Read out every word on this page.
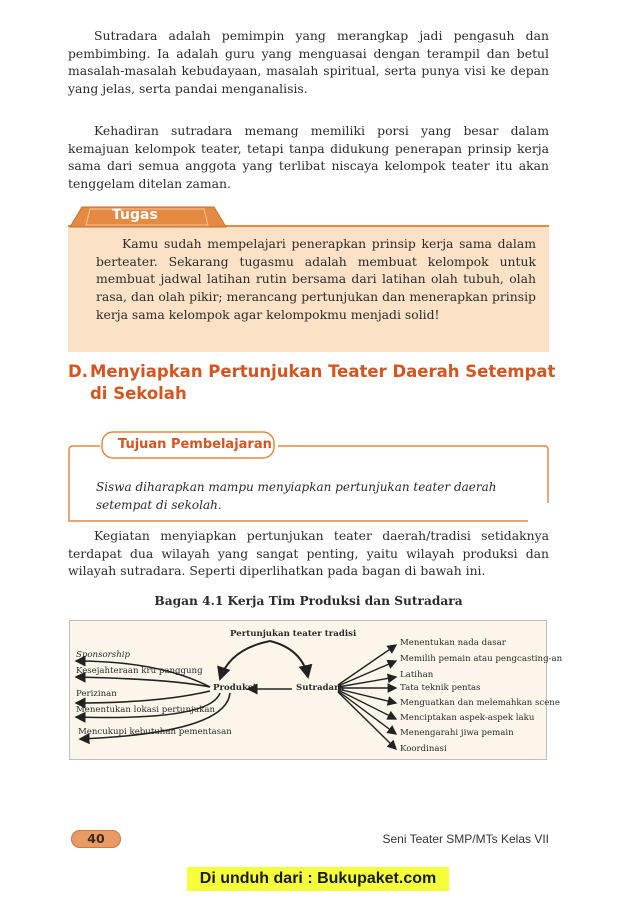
Sutradara adalah pemimpin yang merangkap jadi pengasuh dan pembimbing. Ia adalah guru yang menguasai dengan terampil dan betul masalah-masalah kebudayaan, masalah spiritual, serta punya visi ke depan yang jelas, serta pandai menganalisis.

Kehadiran sutradara memang memiliki porsi yang besar dalam kemajuan kelompok teater, tetapi tanpa didukung penerapan prinsip kerja sama dari semua anggota yang terlibat niscaya kelompok teater itu akan tenggelam ditelan zaman.

Tugas

Kamu sudah mempelajari penerapkan prinsip kerja sama dalam berteater. Sekarang tugasmu adalah membuat kelompok untuk membuat jadwal latihan rutin bersama dari latihan olah tubuh, olah rasa, dan olah pikir; merancang pertunjukan dan menerapkan prinsip kerja sama kelompok agar kelompokmu menjadi solid!

D. Menyiapkan Pertunjukan Teater Daerah Setempat
di Sekolah
Tujuan Pembelajaran

Siswa diharapkan mampu menyiapkan pertunjukan teater daerah setempat di sekolah.

Kegiatan menyiapkan pertunjukan teater daerah/tradisi setidaknya terdapat dua wilayah yang sangat penting, yaitu wilayah produksi dan wilayah sutradara. Seperti diperlihatkan pada bagan di bawah ini.

Bagan 4.1 Kerja Tim Produksi dan Sutradara

Pertunjukan teater tradisi
Produksi	Sutradara
Sponsorship
Kesejahteraan kru panggung
Perizinan
Menentukan lokasi pertunjukan
Mencukupi kebutuhan pementasan
Menentukan nada dasar
Memilih pemain atau pengcasting-an
Latihan
Tata teknik pentas
Menguatkan dan melemahkan scene
Menciptakan aspek-aspek laku
Menengarahi jiwa pemain
Koordinasi
40	Seni Teater SMP/MTs Kelas VII
Di unduh dari : Bukupaket.com
